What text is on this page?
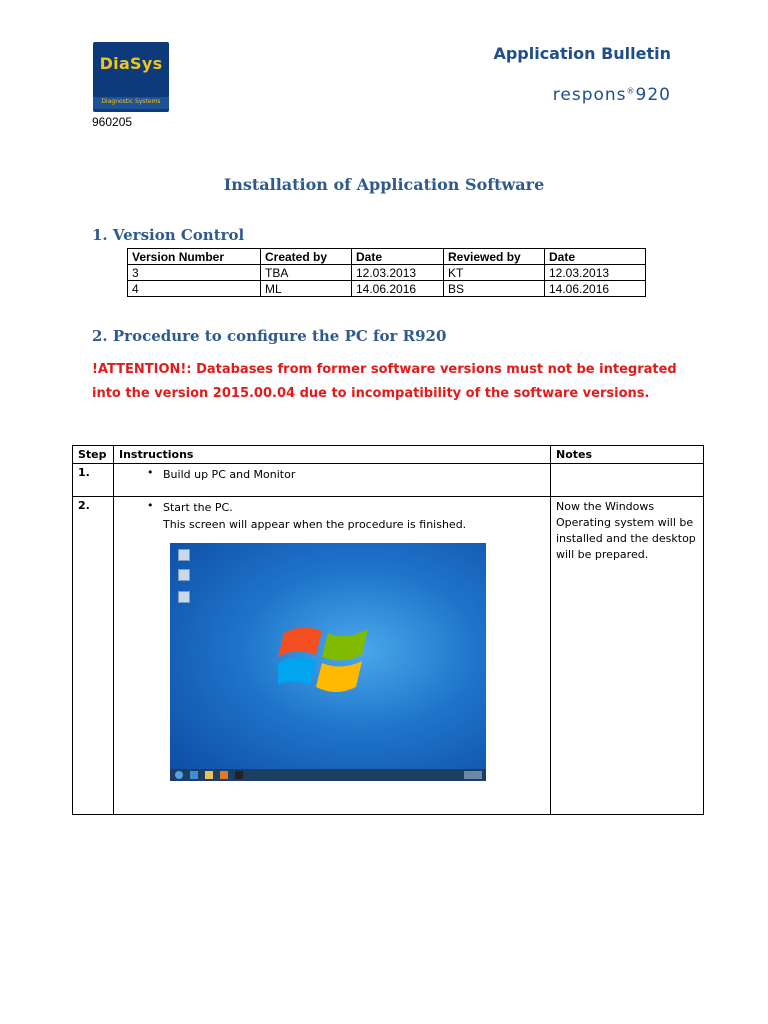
DiaSys
Diagnostic Systems
960205
Application Bulletin
respons®920
Installation of Application Software
1. Version Control
Version Number	Created by	Date	Reviewed by	Date
3	TBA	12.03.2013	KT	12.03.2013
4	ML	14.06.2016	BS	14.06.2016
2. Procedure to configure the PC for R920
!ATTENTION!: Databases from former software versions must not be integrated into the version 2015.00.04 due to incompatibility of the software versions.
Step	Instructions	Notes
1.	• Build up PC and Monitor	

2.	• Start the PC.
This screen will appear when the procedure is finished.	Now the Windows Operating system will be installed and the desktop will be prepared.
